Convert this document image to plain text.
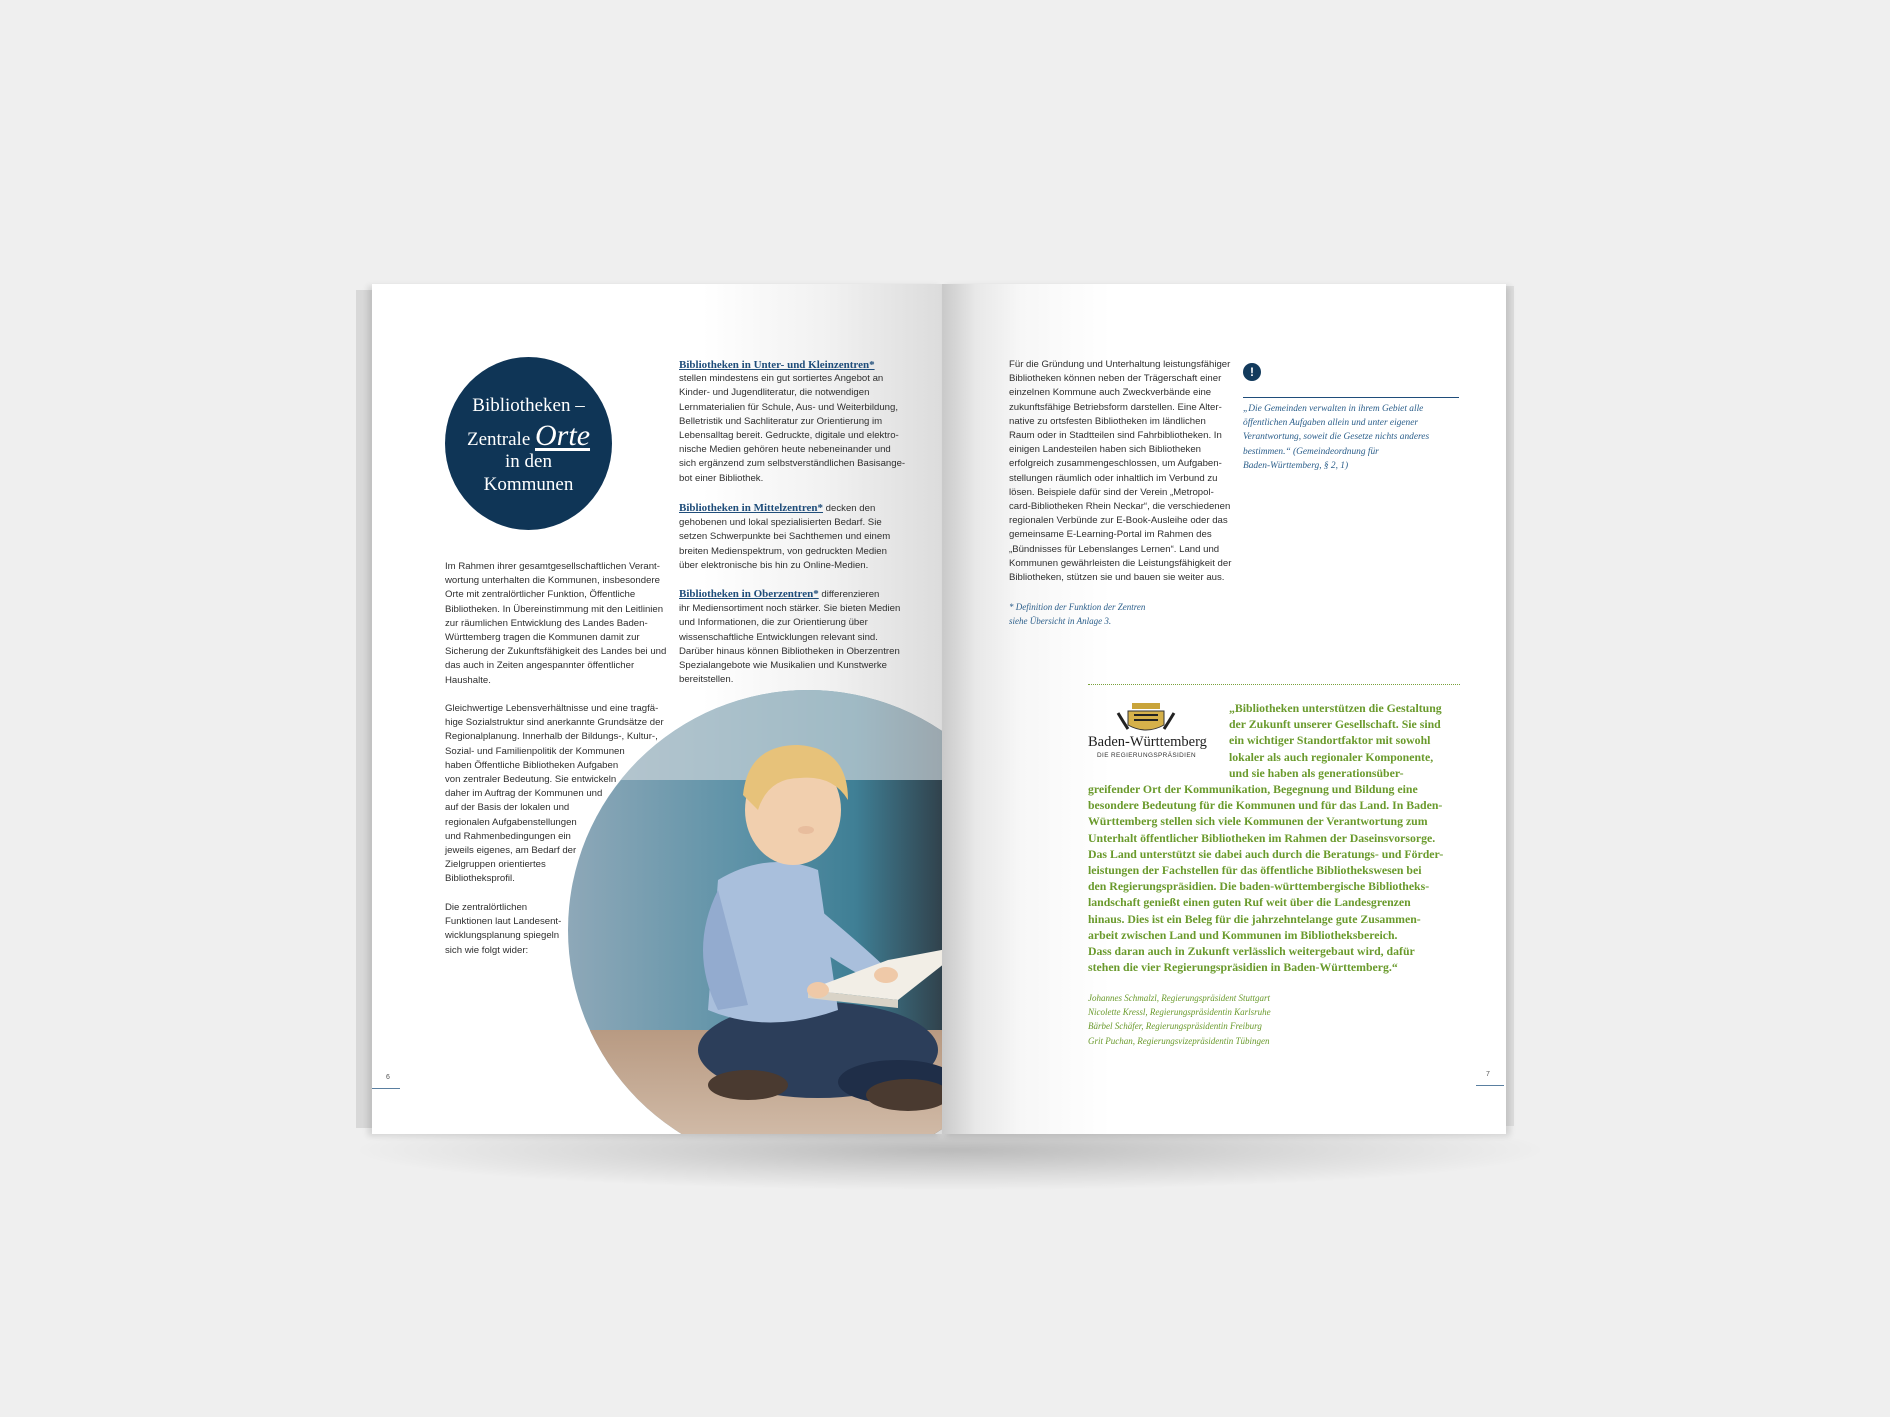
Bibliotheken –
Zentrale Orte
in den
Kommunen
Im Rahmen ihrer gesamtgesellschaftlichen Verant-
wortung unterhalten die Kommunen, insbesondere
Orte mit zentralörtlicher Funktion, Öffentliche
Bibliotheken. In Übereinstimmung mit den Leitlinien
zur räumlichen Entwicklung des Landes Baden-
Württemberg tragen die Kommunen damit zur
Sicherung der Zukunftsfähigkeit des Landes bei und
das auch in Zeiten angespannter öffentlicher
Haushalte.
Gleichwertige Lebensverhältnisse und eine tragfä-
hige Sozialstruktur sind anerkannte Grundsätze der
Regionalplanung. Innerhalb der Bildungs-, Kultur-,
Sozial- und Familienpolitik der Kommunen
haben Öffentliche Bibliotheken Aufgaben
von zentraler Bedeutung. Sie entwickeln
daher im Auftrag der Kommunen und
auf der Basis der lokalen und
regionalen Aufgabenstellungen
und Rahmenbedingungen ein
jeweils eigenes, am Bedarf der
Zielgruppen orientiertes
Bibliotheksprofil.
Die zentralörtlichen
Funktionen laut Landesent-
wicklungsplanung spiegeln
sich wie folgt wider:
Bibliotheken in Unter- und Kleinzentren*
stellen mindestens ein gut sortiertes Angebot an
Kinder- und Jugendliteratur, die notwendigen
Lernmaterialien für Schule, Aus- und Weiterbildung,
Belletristik und Sachliteratur zur Orientierung im
Lebensalltag bereit. Gedruckte, digitale und elektro-
nische Medien gehören heute nebeneinander und
sich ergänzend zum selbstverständlichen Basisange-
bot einer Bibliothek.
Bibliotheken in Mittelzentren* decken den
gehobenen und lokal spezialisierten Bedarf. Sie
setzen Schwerpunkte bei Sachthemen und einem
breiten Medienspektrum, von gedruckten Medien
über elektronische bis hin zu Online-Medien.
Bibliotheken in Oberzentren* differenzieren
ihr Mediensortiment noch stärker. Sie bieten Medien
und Informationen, die zur Orientierung über
wissenschaftliche Entwicklungen relevant sind.
Darüber hinaus können Bibliotheken in Oberzentren
Spezialangebote wie Musikalien und Kunstwerke
bereitstellen.
6
Für die Gründung und Unterhaltung leistungsfähiger
Bibliotheken können neben der Trägerschaft einer
einzelnen Kommune auch Zweckverbände eine
zukunftsfähige Betriebsform darstellen. Eine Alter-
native zu ortsfesten Bibliotheken im ländlichen
Raum oder in Stadtteilen sind Fahrbibliotheken. In
einigen Landesteilen haben sich Bibliotheken
erfolgreich zusammengeschlossen, um Aufgaben-
stellungen räumlich oder inhaltlich im Verbund zu
lösen. Beispiele dafür sind der Verein „Metropol-
card-Bibliotheken Rhein Neckar“, die verschiedenen
regionalen Verbünde zur E-Book-Ausleihe oder das
gemeinsame E-Learning-Portal im Rahmen des
„Bündnisses für Lebenslanges Lernen“. Land und
Kommunen gewährleisten die Leistungsfähigkeit der
Bibliotheken, stützen sie und bauen sie weiter aus.
* Definition der Funktion der Zentren
siehe Übersicht in Anlage 3.
!
„Die Gemeinden verwalten in ihrem Gebiet alle
öffentlichen Aufgaben allein und unter eigener
Verantwortung, soweit die Gesetze nichts anderes
bestimmen.“ (Gemeindeordnung für
Baden-Württemberg, § 2, 1)
Baden-Württemberg
DIE REGIERUNGSPRÄSIDIEN
„Bibliotheken unterstützen die Gestaltung
der Zukunft unserer Gesellschaft. Sie sind
ein wichtiger Standortfaktor mit sowohl
lokaler als auch regionaler Komponente,
und sie haben als generationsüber-
greifender Ort der Kommunikation, Begegnung und Bildung eine
besondere Bedeutung für die Kommunen und für das Land. In Baden-
Württemberg stellen sich viele Kommunen der Verantwortung zum
Unterhalt öffentlicher Bibliotheken im Rahmen der Daseinsvorsorge.
Das Land unterstützt sie dabei auch durch die Beratungs- und Förder-
leistungen der Fachstellen für das öffentliche Bibliothekswesen bei
den Regierungspräsidien. Die baden-württembergische Bibliotheks-
landschaft genießt einen guten Ruf weit über die Landesgrenzen
hinaus. Dies ist ein Beleg für die jahrzehntelange gute Zusammen-
arbeit zwischen Land und Kommunen im Bibliotheksbereich.
Dass daran auch in Zukunft verlässlich weitergebaut wird, dafür
stehen die vier Regierungspräsidien in Baden-Württemberg.“
Johannes Schmalzl, Regierungspräsident Stuttgart
Nicolette Kressl, Regierungspräsidentin Karlsruhe
Bärbel Schäfer, Regierungspräsidentin Freiburg
Grit Puchan, Regierungsvizepräsidentin Tübingen
7
